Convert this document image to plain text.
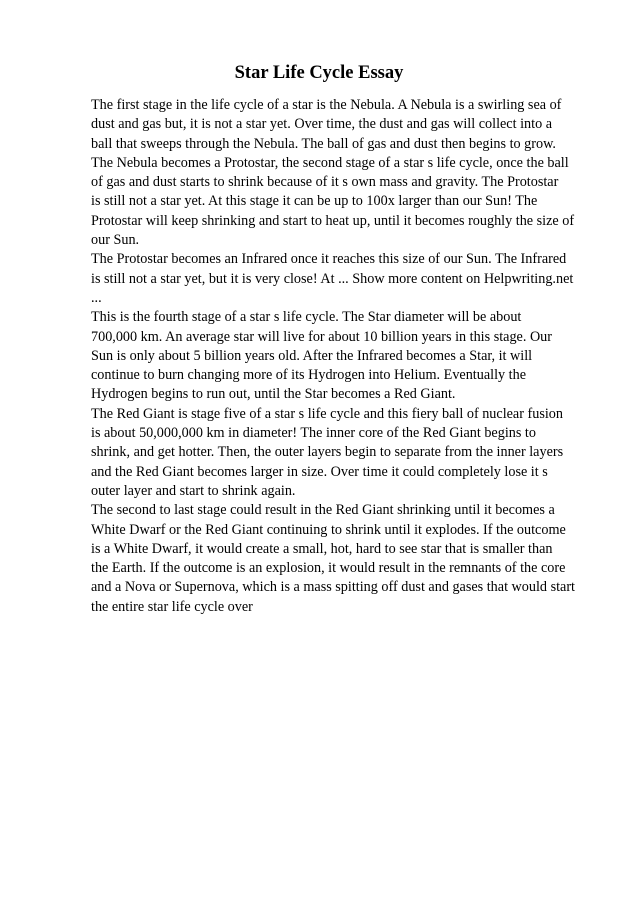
Star Life Cycle Essay
The first stage in the life cycle of a star is the Nebula. A Nebula is a swirling sea of
dust and gas but, it is not a star yet. Over time, the dust and gas will collect into a
ball that sweeps through the Nebula. The ball of gas and dust then begins to grow.
The Nebula becomes a Protostar, the second stage of a star s life cycle, once the ball
of gas and dust starts to shrink because of it s own mass and gravity. The Protostar
is still not a star yet. At this stage it can be up to 100x larger than our Sun! The
Protostar will keep shrinking and start to heat up, until it becomes roughly the size of
our Sun.
The Protostar becomes an Infrared once it reaches this size of our Sun. The Infrared
is still not a star yet, but it is very close! At ... Show more content on Helpwriting.net
...
This is the fourth stage of a star s life cycle. The Star diameter will be about
700,000 km. An average star will live for about 10 billion years in this stage. Our
Sun is only about 5 billion years old. After the Infrared becomes a Star, it will
continue to burn changing more of its Hydrogen into Helium. Eventually the
Hydrogen begins to run out, until the Star becomes a Red Giant.
The Red Giant is stage five of a star s life cycle and this fiery ball of nuclear fusion
is about 50,000,000 km in diameter! The inner core of the Red Giant begins to
shrink, and get hotter. Then, the outer layers begin to separate from the inner layers
and the Red Giant becomes larger in size. Over time it could completely lose it s
outer layer and start to shrink again.
The second to last stage could result in the Red Giant shrinking until it becomes a
White Dwarf or the Red Giant continuing to shrink until it explodes. If the outcome
is a White Dwarf, it would create a small, hot, hard to see star that is smaller than
the Earth. If the outcome is an explosion, it would result in the remnants of the core
and a Nova or Supernova, which is a mass spitting off dust and gases that would start
the entire star life cycle over
